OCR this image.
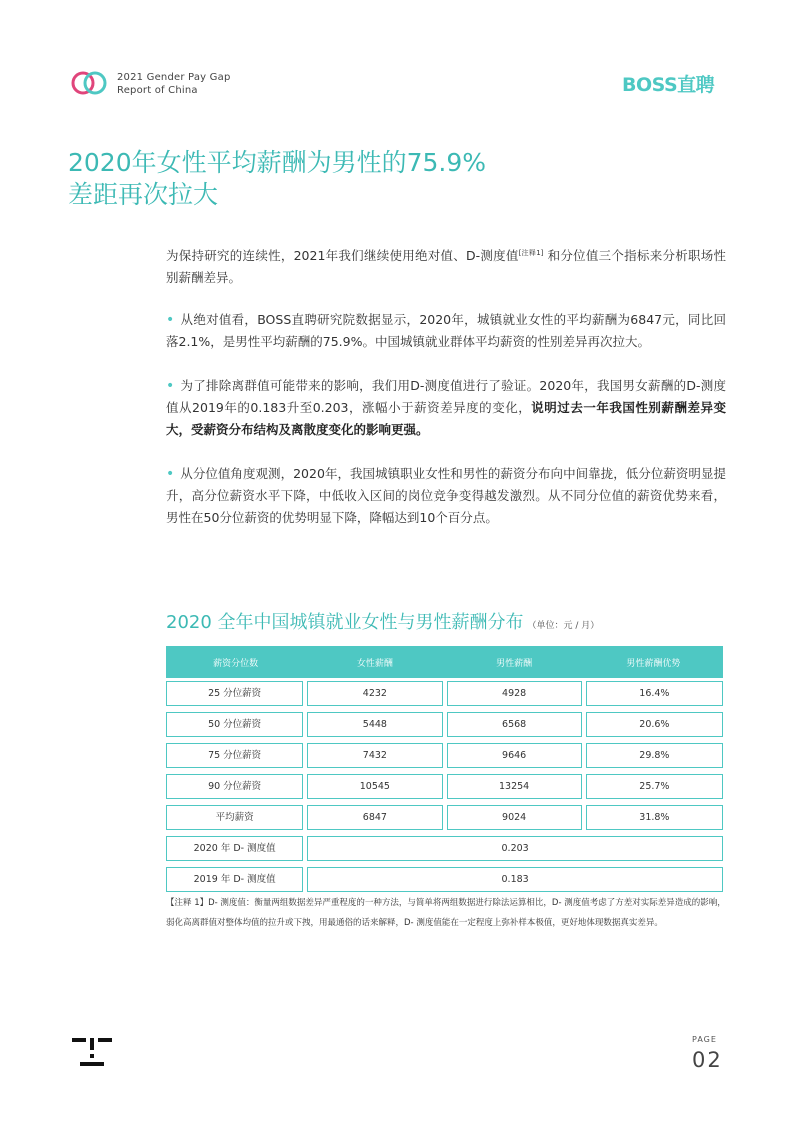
2021 Gender Pay Gap
Report of China	BOSS直聘
2020年女性平均薪酬为男性的75.9%
差距再次拉大
为保持研究的连续性，2021年我们继续使用绝对值、D-测度值[注释1] 和分位值三个指标来分析职场性别薪酬差异。
• 从绝对值看，BOSS直聘研究院数据显示，2020年，城镇就业女性的平均薪酬为6847元，同比回落2.1%，是男性平均薪酬的75.9%。中国城镇就业群体平均薪资的性别差异再次拉大。
• 为了排除离群值可能带来的影响，我们用D-测度值进行了验证。2020年，我国男女薪酬的D-测度值从2019年的0.183升至0.203，涨幅小于薪资差异度的变化，说明过去一年我国性别薪酬差异变大，受薪资分布结构及离散度变化的影响更强。
• 从分位值角度观测，2020年，我国城镇职业女性和男性的薪资分布向中间靠拢，低分位薪资明显提升，高分位薪资水平下降，中低收入区间的岗位竞争变得越发激烈。从不同分位值的薪资优势来看，男性在50分位薪资的优势明显下降，降幅达到10个百分点。
2020 全年中国城镇就业女性与男性薪酬分布 （单位：元 / 月）
薪资分位数	女性薪酬	男性薪酬	男性薪酬优势

25 分位薪资	4232	4928	16.4%

50 分位薪资	5448	6568	20.6%

75 分位薪资	7432	9646	29.8%

90 分位薪资	10545	13254	25.7%

平均薪资	6847	9024	31.8%

2020 年 D- 测度值	0.203		

2019 年 D- 测度值	0.183		
【注释 1】D- 测度值：衡量两组数据差异严重程度的一种方法，与简单将两组数据进行除法运算相比，D- 测度值考虑了方差对实际差异造成的影响，弱化高离群值对整体均值的拉升或下拽，用最通俗的话来解释，D- 测度值能在一定程度上弥补样本极值，更好地体现数据真实差异。
PAGE
02
